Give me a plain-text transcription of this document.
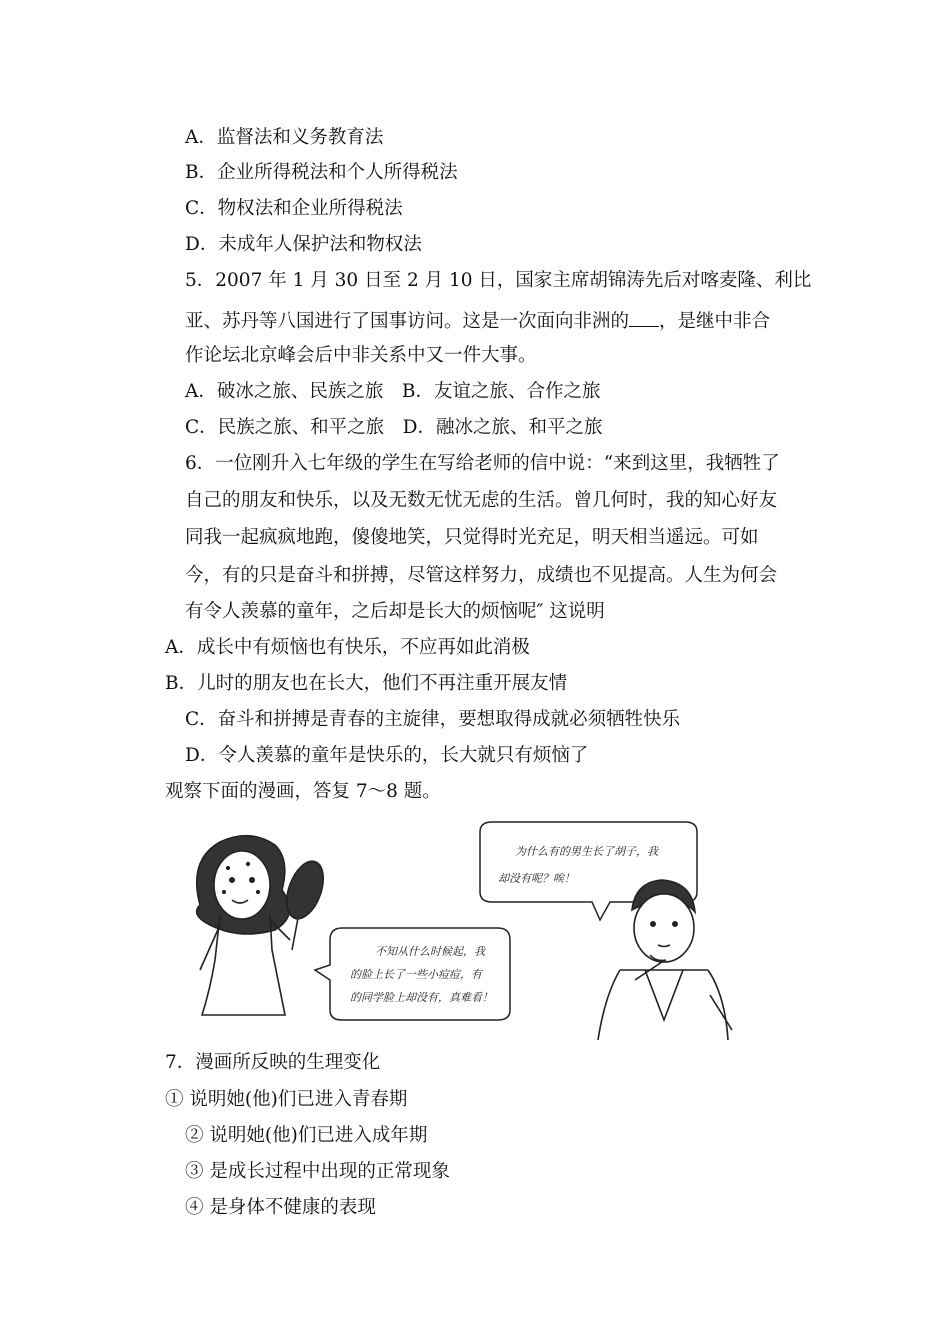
A．监督法和义务教育法
B．企业所得税法和个人所得税法
C．物权法和企业所得税法
D．未成年人保护法和物权法
5．2007 年 1 月 30 日至 2 月 10 日，国家主席胡锦涛先后对喀麦隆、利比
亚、苏丹等八国进行了国事访问。这是一次面向非洲的 ，是继中非合
作论坛北京峰会后中非关系中又一件大事。
A．破冰之旅、民族之旅　B．友谊之旅、合作之旅
C．民族之旅、和平之旅　D．融冰之旅、和平之旅
6．一位刚升入七年级的学生在写给老师的信中说：“来到这里，我牺牲了
自己的朋友和快乐，以及无数无忧无虑的生活。曾几何时，我的知心好友
同我一起疯疯地跑，傻傻地笑，只觉得时光充足，明天相当遥远。可如
今，有的只是奋斗和拼搏，尽管这样努力，成绩也不见提高。人生为何会
有令人羡慕的童年，之后却是长大的烦恼呢″ 这说明
A．成长中有烦恼也有快乐，不应再如此消极
B．儿时的朋友也在长大，他们不再注重开展友情
C．奋斗和拼搏是青春的主旋律，要想取得成就必须牺牲快乐
D．令人羡慕的童年是快乐的，长大就只有烦恼了
观察下面的漫画，答复 7～8 题。
不知从什么时候起，我
的脸上长了一些小痘痘，有
的同学脸上却没有，真难看！
为什么有的男生长了胡子，我
却没有呢？唉！
7．漫画所反映的生理变化
① 说明她(他)们已进入青春期
② 说明她(他)们已进入成年期
③ 是成长过程中出现的正常现象
④ 是身体不健康的表现
